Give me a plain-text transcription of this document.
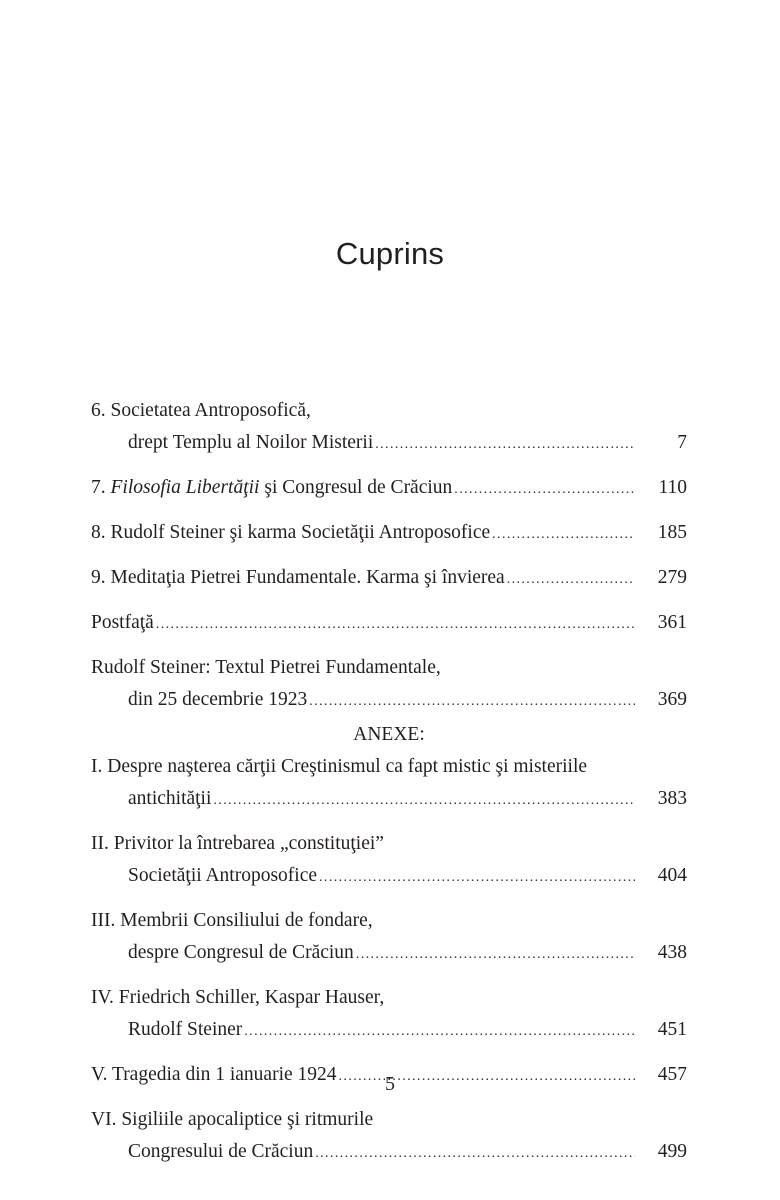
Cuprins
6. Societatea Antroposofică,
drept Templu al Noilor Misterii .....	7
7. Filosofia Libertăţii şi Congresul de Crăciun .....	110
8. Rudolf Steiner şi karma Societăţii Antroposofice .....	185
9. Meditaţia Pietrei Fundamentale. Karma şi învierea .....	279
Postfaţă .....	361
Rudolf Steiner: Textul Pietrei Fundamentale,
din 25 decembrie 1923 .....	369
ANEXE:
I. Despre naşterea cărţii Creştinismul ca fapt mistic şi misteriile
antichităţii .....	383
II. Privitor la întrebarea „constituţiei”
Societăţii Antroposofice .....	404
III. Membrii Consiliului de fondare,
despre Congresul de Crăciun .....	438
IV. Friedrich Schiller, Kaspar Hauser,
Rudolf Steiner .....	451
V. Tragedia din 1 ianuarie 1924 .....	457
VI. Sigiliile apocaliptice şi ritmurile
Congresului de Crăciun .....	499
5
